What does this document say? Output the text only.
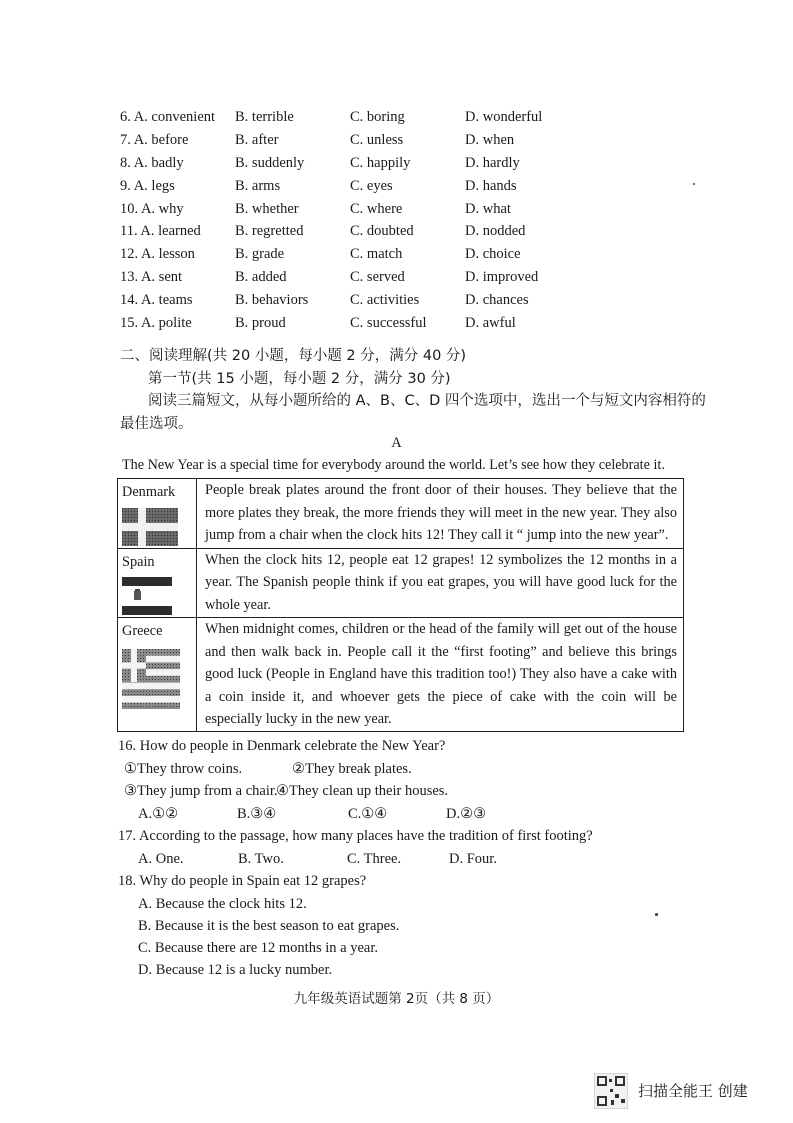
6. A. convenient B. terrible	C. boring	D. wonderful
7. A. before	B. after	C. unless	D. when
8. A. badly	B. suddenly	C. happily	D. hardly
9. A. legs	B. arms	C. eyes	D. hands
10. A. why	B. whether	C. where	D. what
11. A. learned B. regretted	C. doubted	D. nodded
12. A. lesson	B. grade	C. match	D. choice
13. A. sent	B. added	C. served	D. improved
14. A. teams	B. behaviors	C. activities	D. chances
15. A. polite	B. proud	C. successful	D. awful
二、阅读理解(共 20 小题，每小题 2 分，满分 40 分)
第一节(共 15 小题，每小题 2 分，满分 30 分)
阅读三篇短文，从每小题所给的 A、B、C、D 四个选项中，选出一个与短文内容相符的
最佳选项。
A
The New Year is a special time for everybody around the world. Let’s see how they celebrate it.
Denmark	People break plates around the front door of their houses. They believe that the more plates they break, the more friends they will meet in the new year. They also jump from a chair when the clock hits 12! They call it “ jump into the new year”.

Spain	When the clock hits 12, people eat 12 grapes! 12 symbolizes the 12 months in a year. The Spanish people think if you eat grapes, you will have good luck for the whole year.

Greece	When midnight comes, children or the head of the family will get out of the house and then walk back in. People call it the “first footing” and believe this brings good luck (People in England have this tradition too!) They also have a cake with a coin inside it, and whoever gets the piece of cake with the coin will be especially lucky in the new year.
16. How do people in Denmark celebrate the New Year?
①They throw coins.	②They break plates.
③They jump from a chair.
④They clean up their houses.
A.①②	B.③④	C.①④	D.②③
17. According to the passage, how many places have the tradition of first footing?
A. One.	B. Two.	C. Three.	D. Four.
18. Why do people in Spain eat 12 grapes?
A. Because the clock hits 12.
B. Because it is the best season to eat grapes.
C. Because there are 12 months in a year.
D. Because 12 is a lucky number.
九年级英语试题第 2页（共 8 页）
扫描全能王 创建
